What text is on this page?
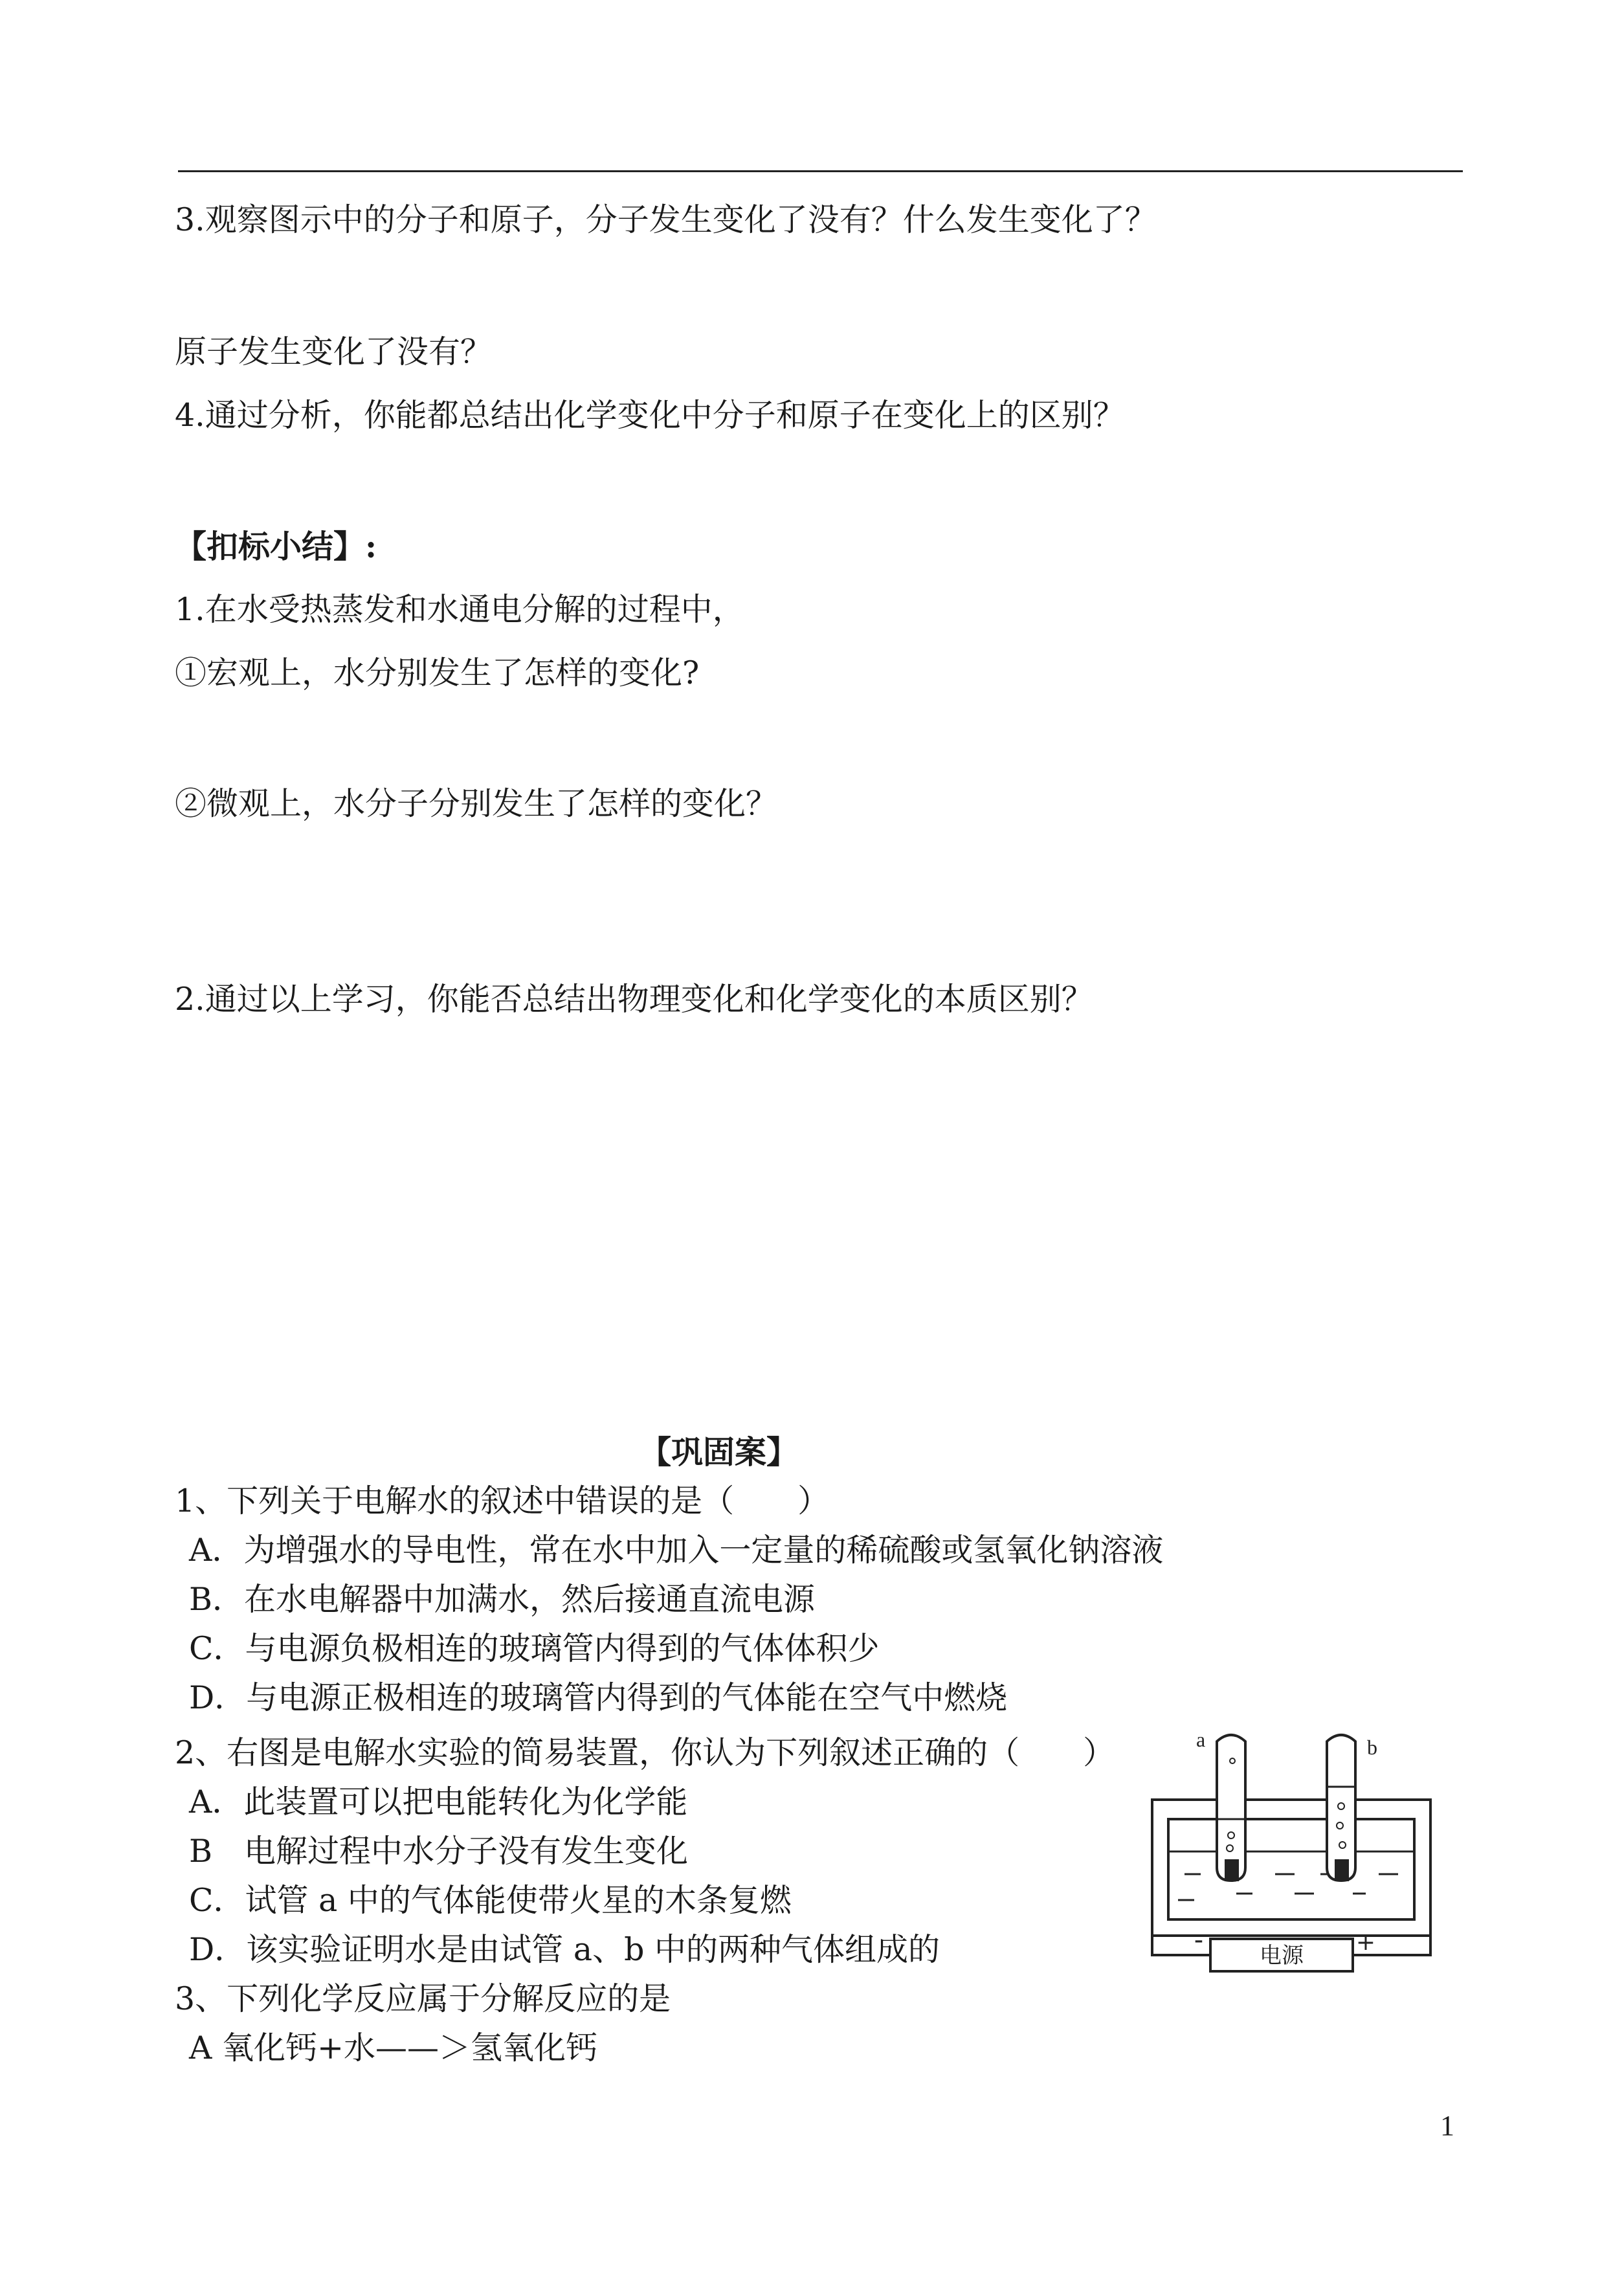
3.观察图示中的分子和原子，分子发生变化了没有？什么发生变化了？
原子发生变化了没有？
4.通过分析，你能都总结出化学变化中分子和原子在变化上的区别？
【扣标小结】:
1.在水受热蒸发和水通电分解的过程中，
①宏观上，水分别发生了怎样的变化?
②微观上，水分子分别发生了怎样的变化？
2.通过以上学习，你能否总结出物理变化和化学变化的本质区别？
【巩固案】
1、下列关于电解水的叙述中错误的是（　　）
A．为增强水的导电性，常在水中加入一定量的稀硫酸或氢氧化钠溶液
B．在水电解器中加满水，然后接通直流电源
C．与电源负极相连的玻璃管内得到的气体体积少
D．与电源正极相连的玻璃管内得到的气体能在空气中燃烧
2、右图是电解水实验的简易装置，你认为下列叙述正确的（　　）
A．此装置可以把电能转化为化学能
B　电解过程中水分子没有发生变化
C．试管 a 中的气体能使带火星的木条复燃
D．该实验证明水是由试管 a、b 中的两种气体组成的
3、下列化学反应属于分解反应的是
A 氧化钙+水——＞氢氧化钙
电源
-	+
a	b
1
